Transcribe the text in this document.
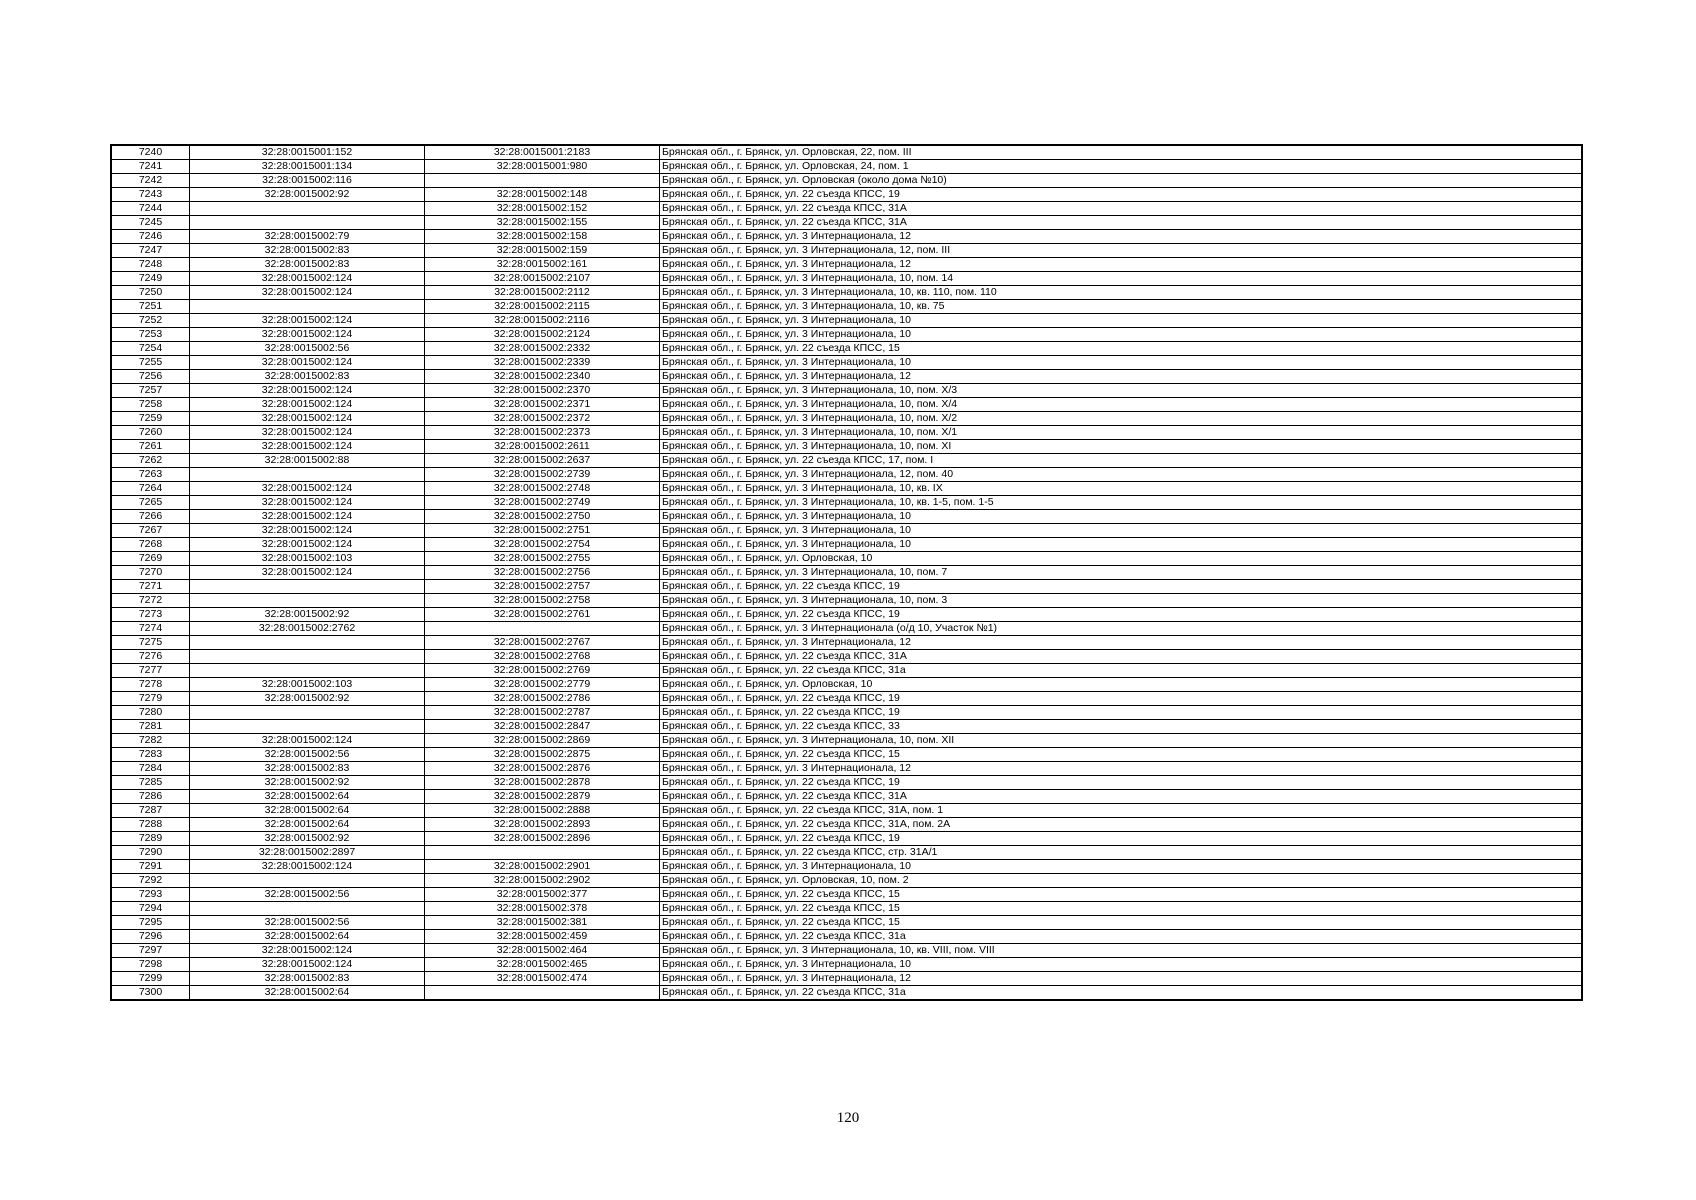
7240	32:28:0015001:152	32:28:0015001:2183	Брянская обл., г. Брянск, ул. Орловская, 22, пом. III
7241	32:28:0015001:134	32:28:0015001:980	Брянская обл., г. Брянск, ул. Орловская, 24, пом. 1
7242	32:28:0015002:116		Брянская обл., г. Брянск, ул. Орловская (около дома №10)
7243	32:28:0015002:92	32:28:0015002:148	Брянская обл., г. Брянск, ул. 22 съезда КПСС, 19
7244		32:28:0015002:152	Брянская обл., г. Брянск, ул. 22 съезда КПСС, 31А
7245		32:28:0015002:155	Брянская обл., г. Брянск, ул. 22 съезда КПСС, 31А
7246	32:28:0015002:79	32:28:0015002:158	Брянская обл., г. Брянск, ул. 3 Интернационала, 12
7247	32:28:0015002:83	32:28:0015002:159	Брянская обл., г. Брянск, ул. 3 Интернационала, 12, пом. III
7248	32:28:0015002:83	32:28:0015002:161	Брянская обл., г. Брянск, ул. 3 Интернационала, 12
7249	32:28:0015002:124	32:28:0015002:2107	Брянская обл., г. Брянск, ул. 3 Интернационала, 10, пом. 14
7250	32:28:0015002:124	32:28:0015002:2112	Брянская обл., г. Брянск, ул. 3 Интернационала, 10, кв. 110, пом. 110
7251		32:28:0015002:2115	Брянская обл., г. Брянск, ул. 3 Интернационала, 10, кв. 75
7252	32:28:0015002:124	32:28:0015002:2116	Брянская обл., г. Брянск, ул. 3 Интернационала, 10
7253	32:28:0015002:124	32:28:0015002:2124	Брянская обл., г. Брянск, ул. 3 Интернационала, 10
7254	32:28:0015002:56	32:28:0015002:2332	Брянская обл., г. Брянск, ул. 22 съезда КПСС, 15
7255	32:28:0015002:124	32:28:0015002:2339	Брянская обл., г. Брянск, ул. 3 Интернационала, 10
7256	32:28:0015002:83	32:28:0015002:2340	Брянская обл., г. Брянск, ул. 3 Интернационала, 12
7257	32:28:0015002:124	32:28:0015002:2370	Брянская обл., г. Брянск, ул. 3 Интернационала, 10, пом. Х/3
7258	32:28:0015002:124	32:28:0015002:2371	Брянская обл., г. Брянск, ул. 3 Интернационала, 10, пом. Х/4
7259	32:28:0015002:124	32:28:0015002:2372	Брянская обл., г. Брянск, ул. 3 Интернационала, 10, пом. Х/2
7260	32:28:0015002:124	32:28:0015002:2373	Брянская обл., г. Брянск, ул. 3 Интернационала, 10, пом. Х/1
7261	32:28:0015002:124	32:28:0015002:2611	Брянская обл., г. Брянск, ул. 3 Интернационала, 10, пом. XI
7262	32:28:0015002:88	32:28:0015002:2637	Брянская обл., г. Брянск, ул. 22 съезда КПСС, 17, пом. I
7263		32:28:0015002:2739	Брянская обл., г. Брянск, ул. 3 Интернационала, 12, пом. 40
7264	32:28:0015002:124	32:28:0015002:2748	Брянская обл., г. Брянск, ул. 3 Интернационала, 10, кв. IX
7265	32:28:0015002:124	32:28:0015002:2749	Брянская обл., г. Брянск, ул. 3 Интернационала, 10, кв. 1-5, пом. 1-5
7266	32:28:0015002:124	32:28:0015002:2750	Брянская обл., г. Брянск, ул. 3 Интернационала, 10
7267	32:28:0015002:124	32:28:0015002:2751	Брянская обл., г. Брянск, ул. 3 Интернационала, 10
7268	32:28:0015002:124	32:28:0015002:2754	Брянская обл., г. Брянск, ул. 3 Интернационала, 10
7269	32:28:0015002:103	32:28:0015002:2755	Брянская обл., г. Брянск, ул. Орловская, 10
7270	32:28:0015002:124	32:28:0015002:2756	Брянская обл., г. Брянск, ул. 3 Интернационала, 10, пом. 7
7271		32:28:0015002:2757	Брянская обл., г. Брянск, ул. 22 съезда КПСС, 19
7272		32:28:0015002:2758	Брянская обл., г. Брянск, ул. 3 Интернационала, 10, пом. 3
7273	32:28:0015002:92	32:28:0015002:2761	Брянская обл., г. Брянск, ул. 22 съезда КПСС, 19
7274	32:28:0015002:2762		Брянская обл., г. Брянск, ул. 3 Интернационала (о/д 10, Участок №1)
7275		32:28:0015002:2767	Брянская обл., г. Брянск, ул. 3 Интернационала, 12
7276		32:28:0015002:2768	Брянская обл., г. Брянск, ул. 22 съезда КПСС, 31А
7277		32:28:0015002:2769	Брянская обл., г. Брянск, ул. 22 съезда КПСС, 31а
7278	32:28:0015002:103	32:28:0015002:2779	Брянская обл., г. Брянск, ул. Орловская, 10
7279	32:28:0015002:92	32:28:0015002:2786	Брянская обл., г. Брянск, ул. 22 съезда КПСС, 19
7280		32:28:0015002:2787	Брянская обл., г. Брянск, ул. 22 съезда КПСС, 19
7281		32:28:0015002:2847	Брянская обл., г. Брянск, ул. 22 съезда КПСС, 33
7282	32:28:0015002:124	32:28:0015002:2869	Брянская обл., г. Брянск, ул. 3 Интернационала, 10, пом. XII
7283	32:28:0015002:56	32:28:0015002:2875	Брянская обл., г. Брянск, ул. 22 съезда КПСС, 15
7284	32:28:0015002:83	32:28:0015002:2876	Брянская обл., г. Брянск, ул. 3 Интернационала, 12
7285	32:28:0015002:92	32:28:0015002:2878	Брянская обл., г. Брянск, ул. 22 съезда КПСС, 19
7286	32:28:0015002:64	32:28:0015002:2879	Брянская обл., г. Брянск, ул. 22 съезда КПСС, 31А
7287	32:28:0015002:64	32:28:0015002:2888	Брянская обл., г. Брянск, ул. 22 съезда КПСС, 31А, пом. 1
7288	32:28:0015002:64	32:28:0015002:2893	Брянская обл., г. Брянск, ул. 22 съезда КПСС, 31А, пом. 2А
7289	32:28:0015002:92	32:28:0015002:2896	Брянская обл., г. Брянск, ул. 22 съезда КПСС, 19
7290	32:28:0015002:2897		Брянская обл., г. Брянск, ул. 22 съезда КПСС, стр. 31А/1
7291	32:28:0015002:124	32:28:0015002:2901	Брянская обл., г. Брянск, ул. 3 Интернационала, 10
7292		32:28:0015002:2902	Брянская обл., г. Брянск, ул. Орловская, 10, пом. 2
7293	32:28:0015002:56	32:28:0015002:377	Брянская обл., г. Брянск, ул. 22 съезда КПСС, 15
7294		32:28:0015002:378	Брянская обл., г. Брянск, ул. 22 съезда КПСС, 15
7295	32:28:0015002:56	32:28:0015002:381	Брянская обл., г. Брянск, ул. 22 съезда КПСС, 15
7296	32:28:0015002:64	32:28:0015002:459	Брянская обл., г. Брянск, ул. 22 съезда КПСС, 31а
7297	32:28:0015002:124	32:28:0015002:464	Брянская обл., г. Брянск, ул. 3 Интернационала, 10, кв. VIII, пом. VIII
7298	32:28:0015002:124	32:28:0015002:465	Брянская обл., г. Брянск, ул. 3 Интернационала, 10
7299	32:28:0015002:83	32:28:0015002:474	Брянская обл., г. Брянск, ул. 3 Интернационала, 12
7300	32:28:0015002:64		Брянская обл., г. Брянск, ул. 22 съезда КПСС, 31а
120
